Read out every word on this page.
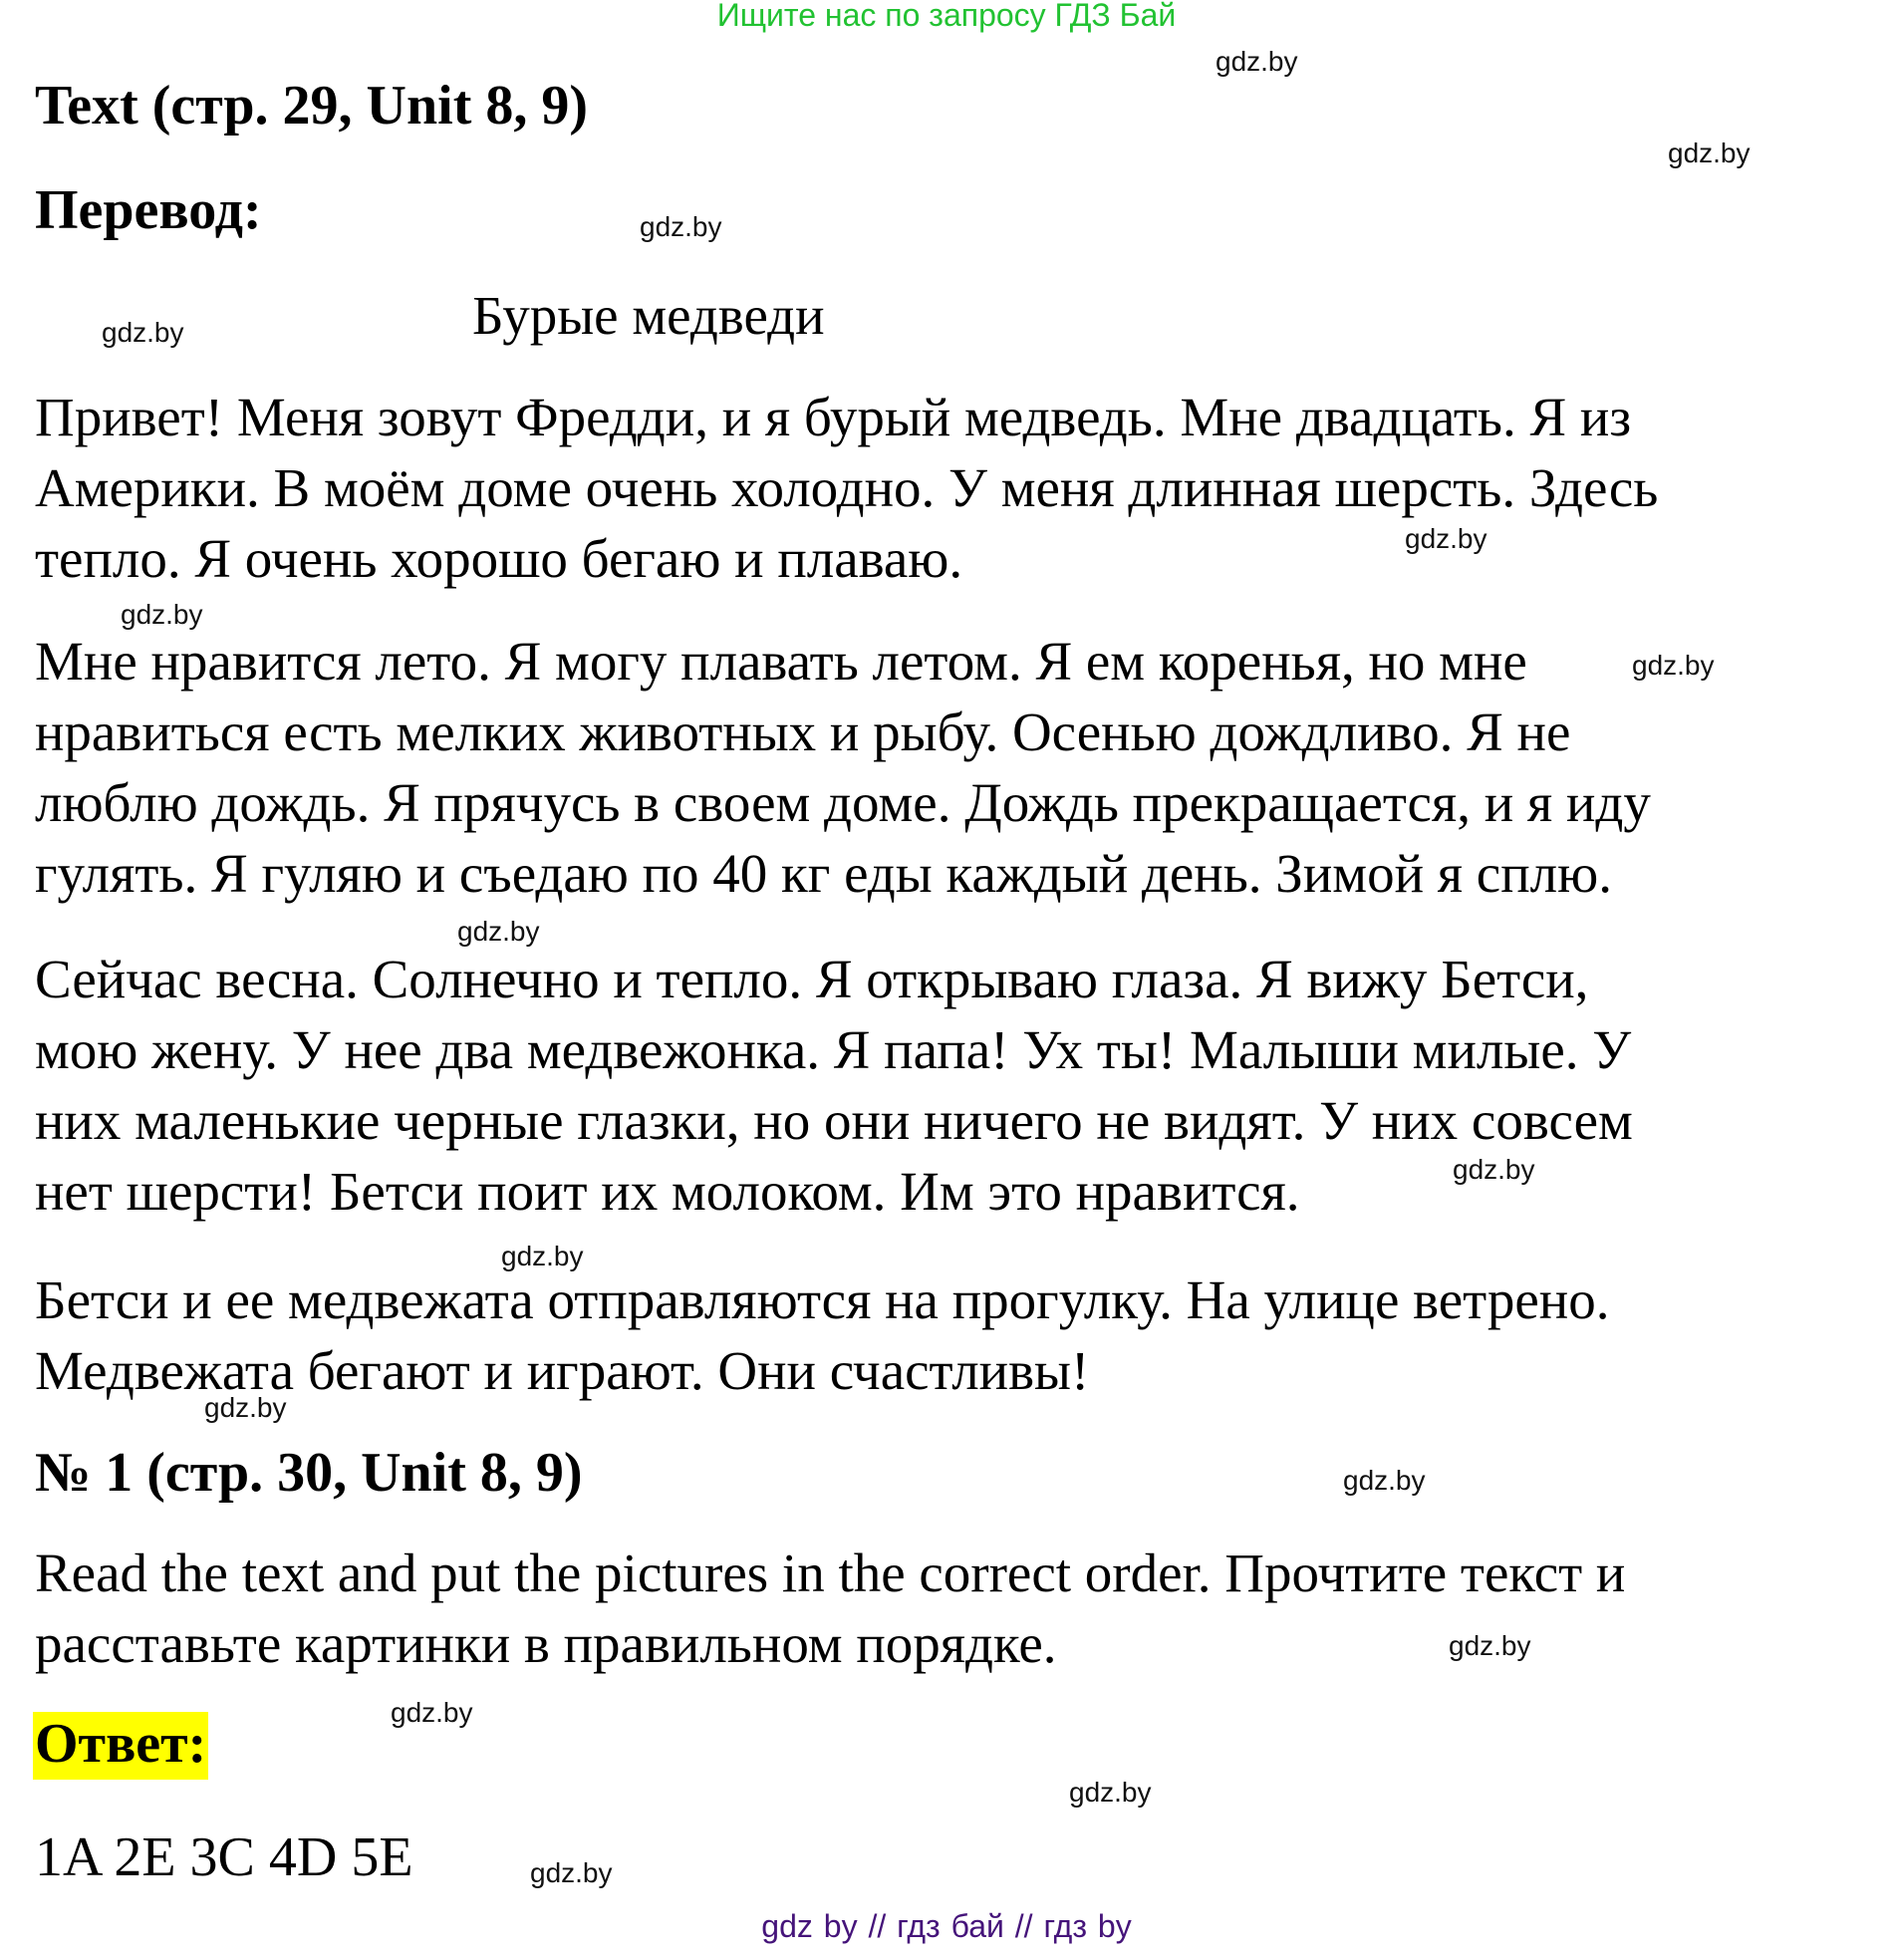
Ищите нас по запросу ГДЗ Бай
Text (стр. 29, Unit 8, 9)
Перевод:
Бурые медведи
Привет! Меня зовут Фредди, и я бурый медведь. Мне двадцать. Я из
Америки. В моём доме очень холодно. У меня длинная шерсть. Здесь
тепло. Я очень хорошо бегаю и плаваю.
Мне нравится лето. Я могу плавать летом. Я ем коренья, но мне
нравиться есть мелких животных и рыбу. Осенью дождливо. Я не
люблю дождь. Я прячусь в своем доме. Дождь прекращается, и я иду
гулять. Я гуляю и съедаю по 40 кг еды каждый день. Зимой я сплю.
Сейчас весна. Солнечно и тепло. Я открываю глаза. Я вижу Бетси,
мою жену. У нее два медвежонка. Я папа! Ух ты! Малыши милые. У
них маленькие черные глазки, но они ничего не видят. У них совсем
нет шерсти! Бетси поит их молоком. Им это нравится.
Бетси и ее медвежата отправляются на прогулку. На улице ветрено.
Медвежата бегают и играют. Они счастливы!
№ 1 (стр. 30, Unit 8, 9)
Read the text and put the pictures in the correct order. Прочтите текст и
расставьте картинки в правильном порядке.
Ответ:
1A 2E 3C 4D 5E
gdz.by
gdz.by
gdz.by
gdz.by
gdz.by
gdz.by
gdz.by
gdz.by
gdz.by
gdz.by
gdz.by
gdz.by
gdz.by
gdz.by
gdz.by
gdz.by
gdz by // гдз бай // гдз by
